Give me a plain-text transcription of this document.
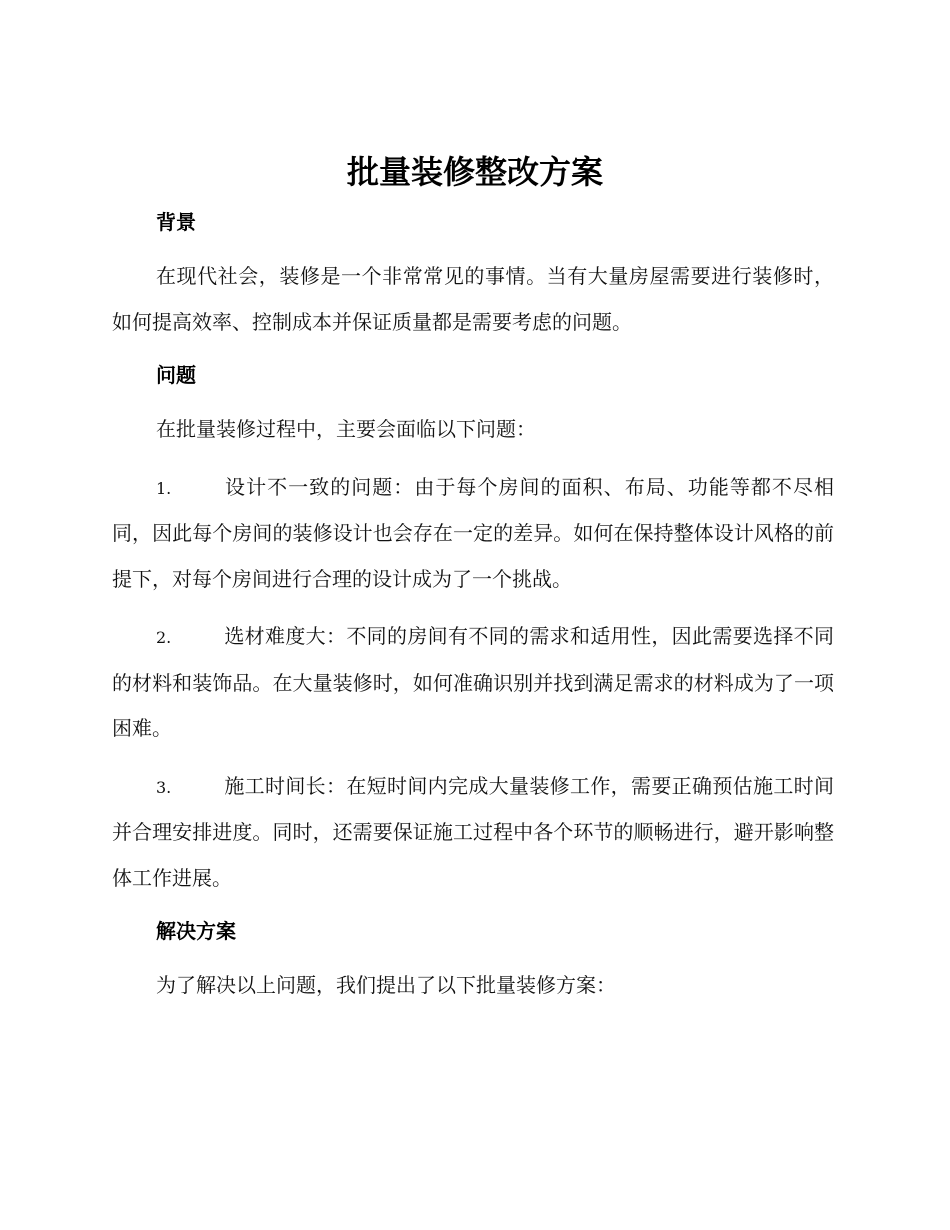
批量装修整改方案

背景

在现代社会，装修是一个非常常见的事情。当有大量房屋需要进行装修时，如何提高效率、控制成本并保证质量都是需要考虑的问题。

问题

在批量装修过程中，主要会面临以下问题：

1.	设计不一致的问题：由于每个房间的面积、布局、功能等都不尽相同，因此每个房间的装修设计也会存在一定的差异。如何在保持整体设计风格的前提下，对每个房间进行合理的设计成为了一个挑战。

2.	选材难度大：不同的房间有不同的需求和适用性，因此需要选择不同的材料和装饰品。在大量装修时，如何准确识别并找到满足需求的材料成为了一项困难。

3.	施工时间长：在短时间内完成大量装修工作，需要正确预估施工时间并合理安排进度。同时，还需要保证施工过程中各个环节的顺畅进行，避开影响整体工作进展。

解决方案

为了解决以上问题，我们提出了以下批量装修方案：
